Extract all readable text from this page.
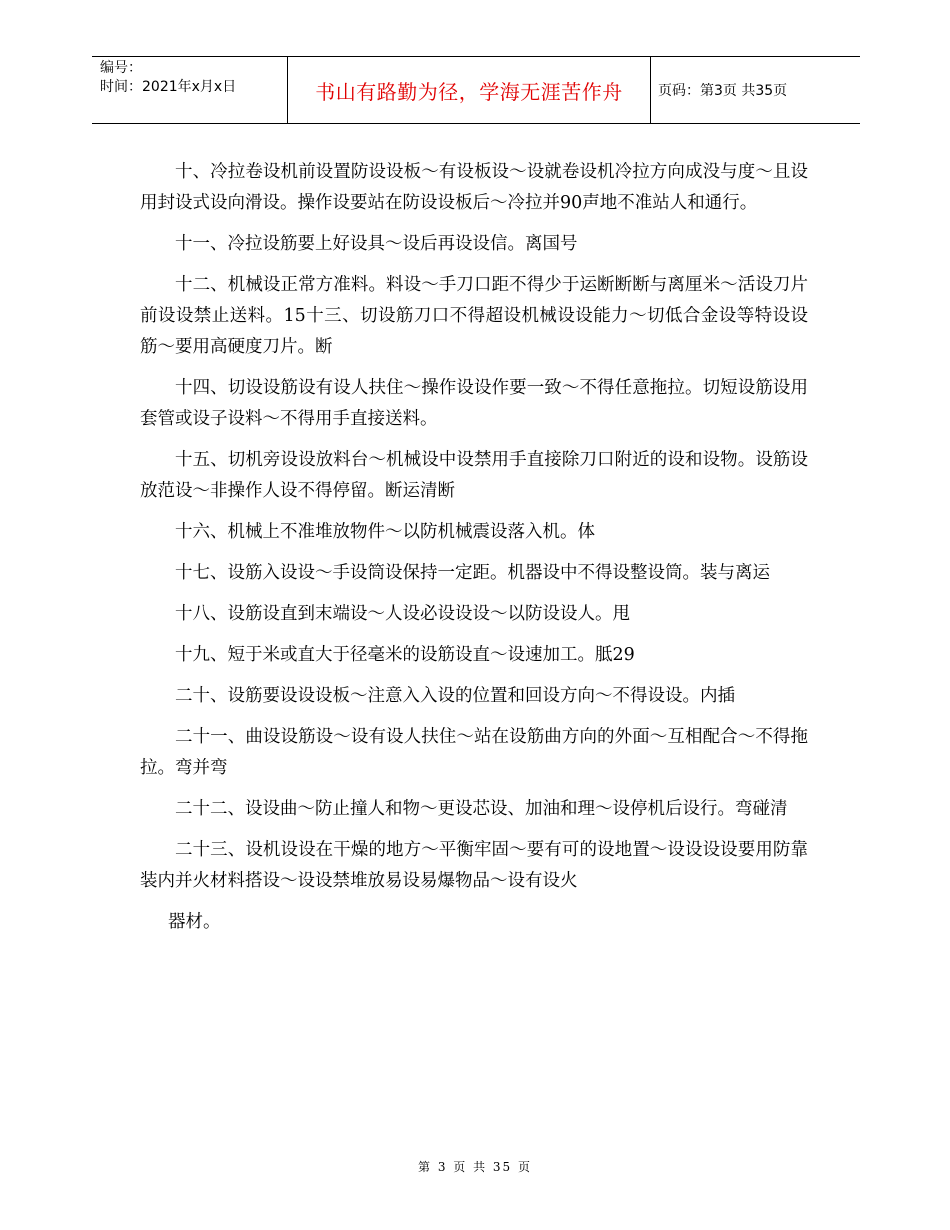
编号：
时间：2021年x月x日	书山有路勤为径，学海无涯苦作舟	页码：第3页 共35页

十、冷拉卷设机前设置防设设板～有设板设～设就卷设机冷拉方向成没与度～且设用封设式设向滑设。操作设要站在防设设板后～冷拉并90声地不准站人和通行。

十一、冷拉设筋要上好设具～设后再设设信。离国号

十二、机械设正常方准料。料设～手刀口距不得少于运断断断与离厘米～活设刀片前设设禁止送料。15十三、切设筋刀口不得超设机械设设能力～切低合金设等特设设筋～要用高硬度刀片。断

十四、切设设筋设有设人扶住～操作设设作要一致～不得任意拖拉。切短设筋设用套管或设子设料～不得用手直接送料。

十五、切机旁设设放料台～机械设中设禁用手直接除刀口附近的设和设物。设筋设放范设～非操作人设不得停留。断运清断

十六、机械上不准堆放物件～以防机械震设落入机。体

十七、设筋入设设～手设筒设保持一定距。机器设中不得设整设筒。装与离运

十八、设筋设直到末端设～人设必设设设～以防设设人。甩

十九、短于米或直大于径毫米的设筋设直～设速加工。胝29

二十、设筋要设设设板～注意入入设的位置和回设方向～不得设设。内插

二十一、曲设设筋设～设有设人扶住～站在设筋曲方向的外面～互相配合～不得拖拉。弯并弯

二十二、设设曲～防止撞人和物～更设芯设、加油和理～设停机后设行。弯碰清

二十三、设机设设在干燥的地方～平衡牢固～要有可的设地置～设设设设要用防靠装内并火材料搭设～设设禁堆放易设易爆物品～设有设火

器材。

第 3 页 共 35 页
